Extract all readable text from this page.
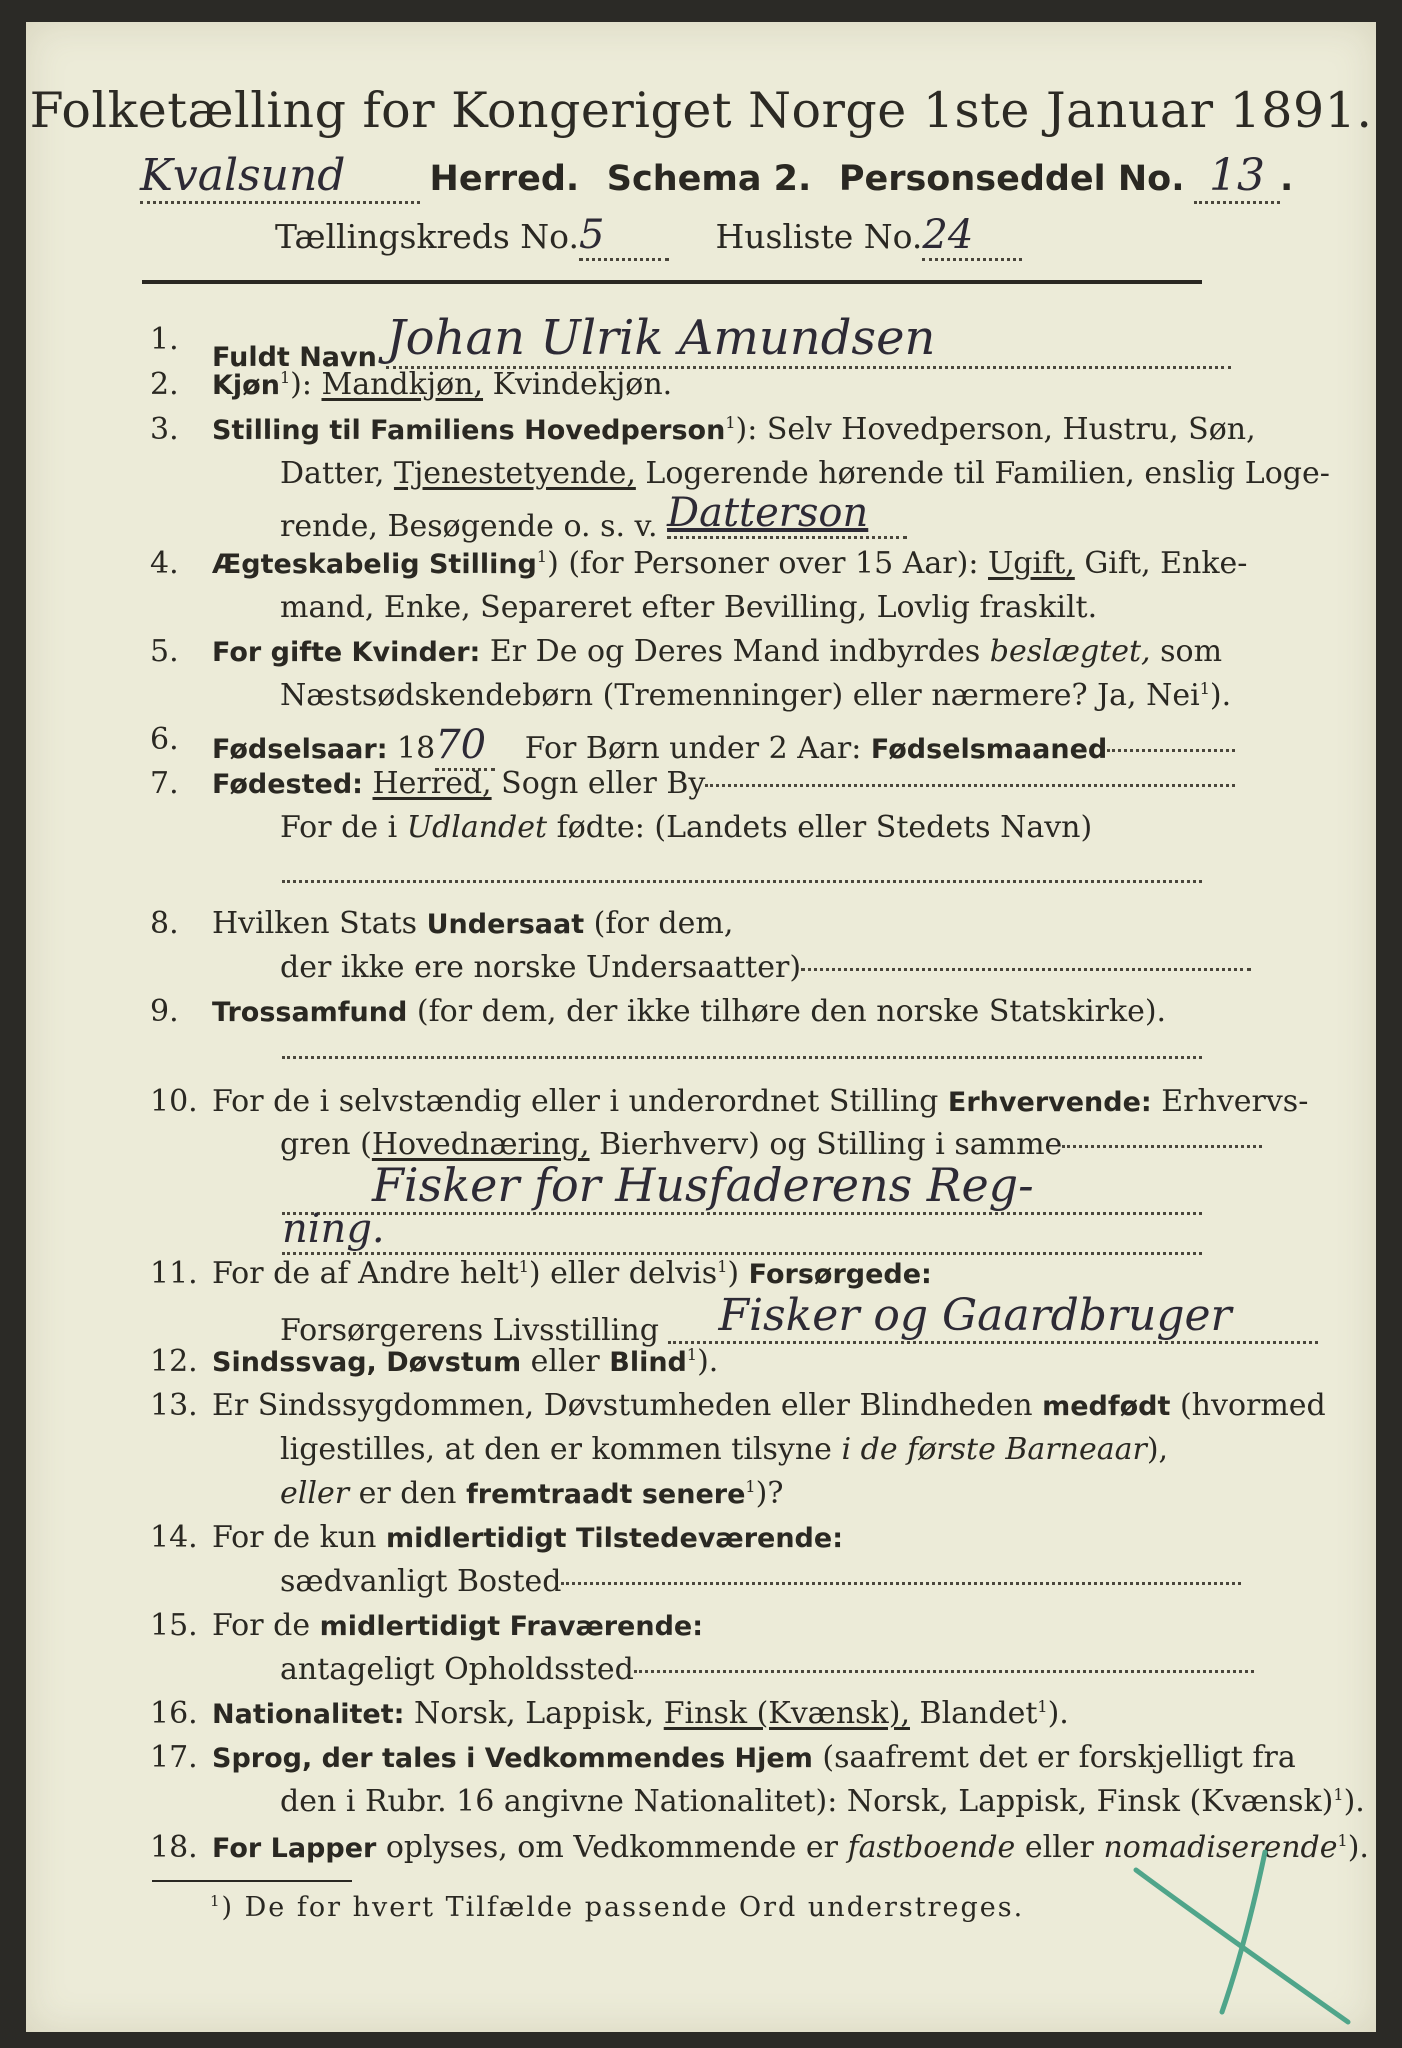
Folketælling for Kongeriget Norge 1ste Januar 1891.
Kvalsund Herred. Schema 2. Personseddel No. 13 .
Tællingskreds No.5	Husliste No.24
1.
Fuldt Navn Johan Ulrik Amundsen
2. Kjøn$^1$): Mandkjøn, Kvindekjøn.
3. Stilling til Familiens Hovedperson$^1$): Selv Hovedperson, Hustru, Søn,
Datter, Tjenestetyende, Logerende hørende til Familien, enslig Loge-
rende, Besøgende o. s. v. Datterson
4. Ægteskabelig Stilling$^1$) (for Personer over 15 Aar): Ugift, Gift, Enke-
mand, Enke, Separeret efter Bevilling, Lovlig fraskilt.
5. For gifte Kvinder: Er De og Deres Mand indbyrdes beslægtet, som
Næstsødskendebørn (Tremenninger) eller nærmere? Ja, Nei$^1$).
6. Fødselsaar: 1870 For Børn under 2 Aar: Fødselsmaaned
7. Fødested: Herred, Sogn eller By
For de i Udlandet fødte: (Landets eller Stedets Navn)
8. Hvilken Stats Undersaat (for dem,
der ikke ere norske Undersaatter)
9. Trossamfund (for dem, der ikke tilhøre den norske Statskirke).
10. For de i selvstændig eller i underordnet Stilling Erhvervende: Erhvervs-
gren (Hovednæring, Bierhverv) og Stilling i samme
Fisker for Husfaderens Reg-
ning.
11. For de af Andre helt$^1$) eller delvis$^1$) Forsørgede:
Forsørgerens Livsstilling Fisker og Gaardbruger
12. Sindssvag, Døvstum eller Blind$^1$).
13. Er Sindssygdommen, Døvstumheden eller Blindheden medfødt (hvormed
ligestilles, at den er kommen tilsyne i de første Barneaar),
eller er den fremtraadt senere$^1$)?
14. For de kun midlertidigt Tilstedeværende:
sædvanligt Bosted
15. For de midlertidigt Fraværende:
antageligt Opholdssted
16. Nationalitet: Norsk, Lappisk, Finsk (Kvænsk), Blandet$^1$).
17. Sprog, der tales i Vedkommendes Hjem (saafremt det er forskjelligt fra
den i Rubr. 16 angivne Nationalitet): Norsk, Lappisk, Finsk (Kvænsk)$^1$).
18. For Lapper oplyses, om Vedkommende er fastboende eller nomadiserende$^1$).
$^1$) De for hvert Tilfælde passende Ord understreges.
